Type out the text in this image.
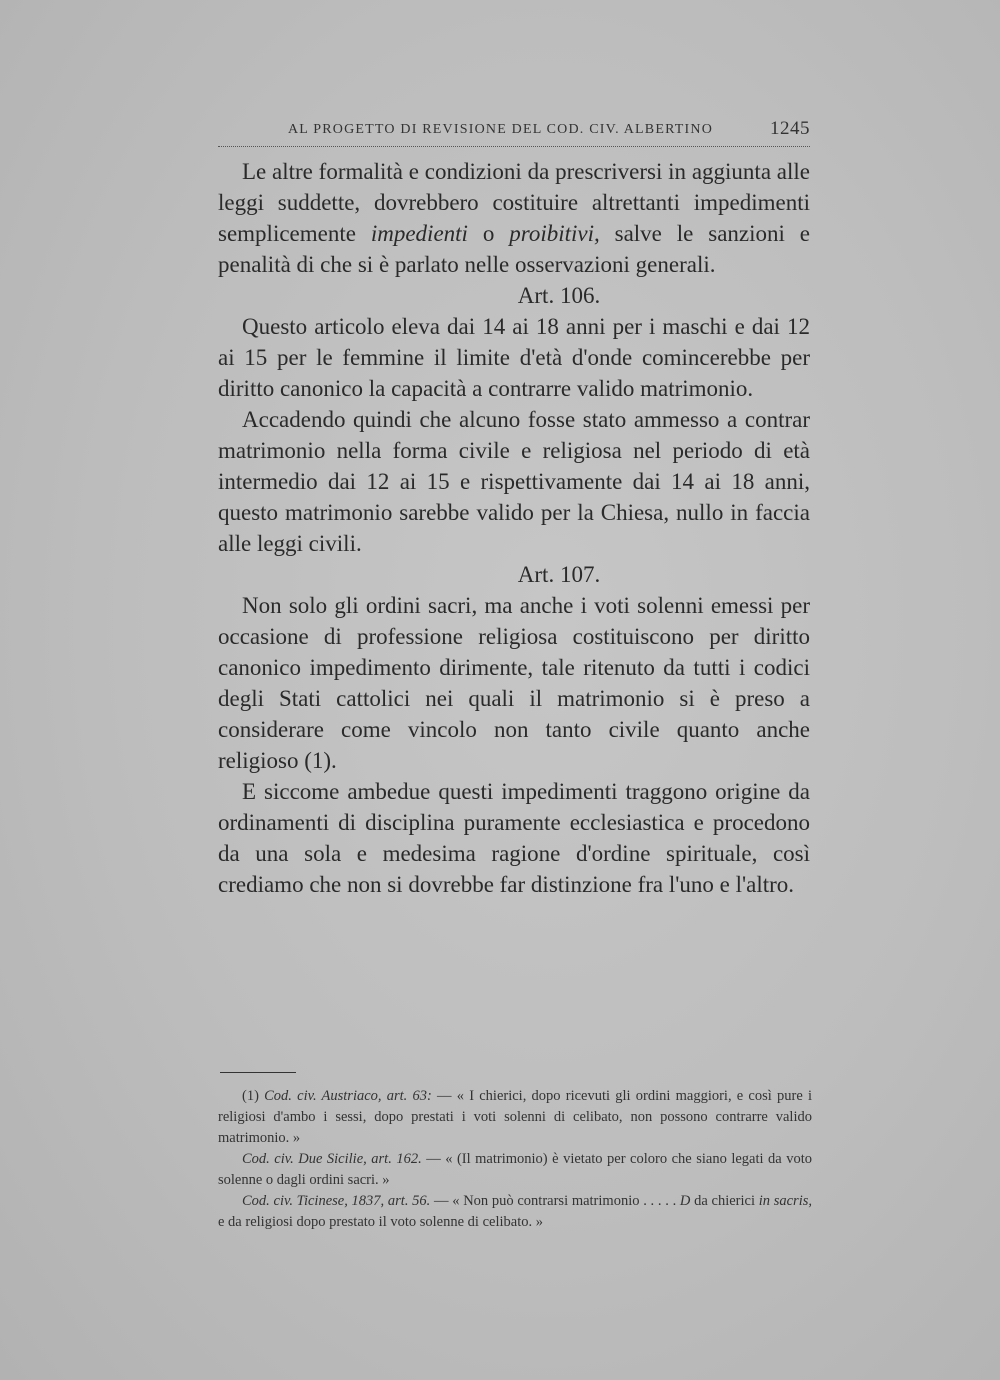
AL PROGETTO DI REVISIONE DEL COD. CIV. ALBERTINO	1245

Le altre formalità e condizioni da prescriversi in aggiunta alle leggi suddette, dovrebbero costituire altrettanti impedimenti semplicemente impedienti o proibitivi, salve le sanzioni e penalità di che si è parlato nelle osservazioni generali.

Art. 106.

Questo articolo eleva dai 14 ai 18 anni per i maschi e dai 12 ai 15 per le femmine il limite d'età d'onde comincerebbe per diritto canonico la capacità a contrarre valido matrimonio.

Accadendo quindi che alcuno fosse stato ammesso a contrar matrimonio nella forma civile e religiosa nel periodo di età intermedio dai 12 ai 15 e rispettivamente dai 14 ai 18 anni, questo matrimonio sarebbe valido per la Chiesa, nullo in faccia alle leggi civili.

Art. 107.

Non solo gli ordini sacri, ma anche i voti solenni emessi per occasione di professione religiosa costituiscono per diritto canonico impedimento dirimente, tale ritenuto da tutti i codici degli Stati cattolici nei quali il matrimonio si è preso a considerare come vincolo non tanto civile quanto anche religioso (1).

E siccome ambedue questi impedimenti traggono origine da ordinamenti di disciplina puramente ecclesiastica e procedono da una sola e medesima ragione d'ordine spirituale, così crediamo che non si dovrebbe far distinzione fra l'uno e l'altro.

(1) Cod. civ. Austriaco, art. 63: — « I chierici, dopo ricevuti gli ordini maggiori, e così pure i religiosi d'ambo i sessi, dopo prestati i voti solenni di celibato, non possono contrarre valido matrimonio. »

Cod. civ. Due Sicilie, art. 162. — « (Il matrimonio) è vietato per coloro che siano legati da voto solenne o dagli ordini sacri. »

Cod. civ. Ticinese, 1837, art. 56. — « Non può contrarsi matrimonio . . . . . D da chierici in sacris, e da religiosi dopo prestato il voto solenne di celibato. »
